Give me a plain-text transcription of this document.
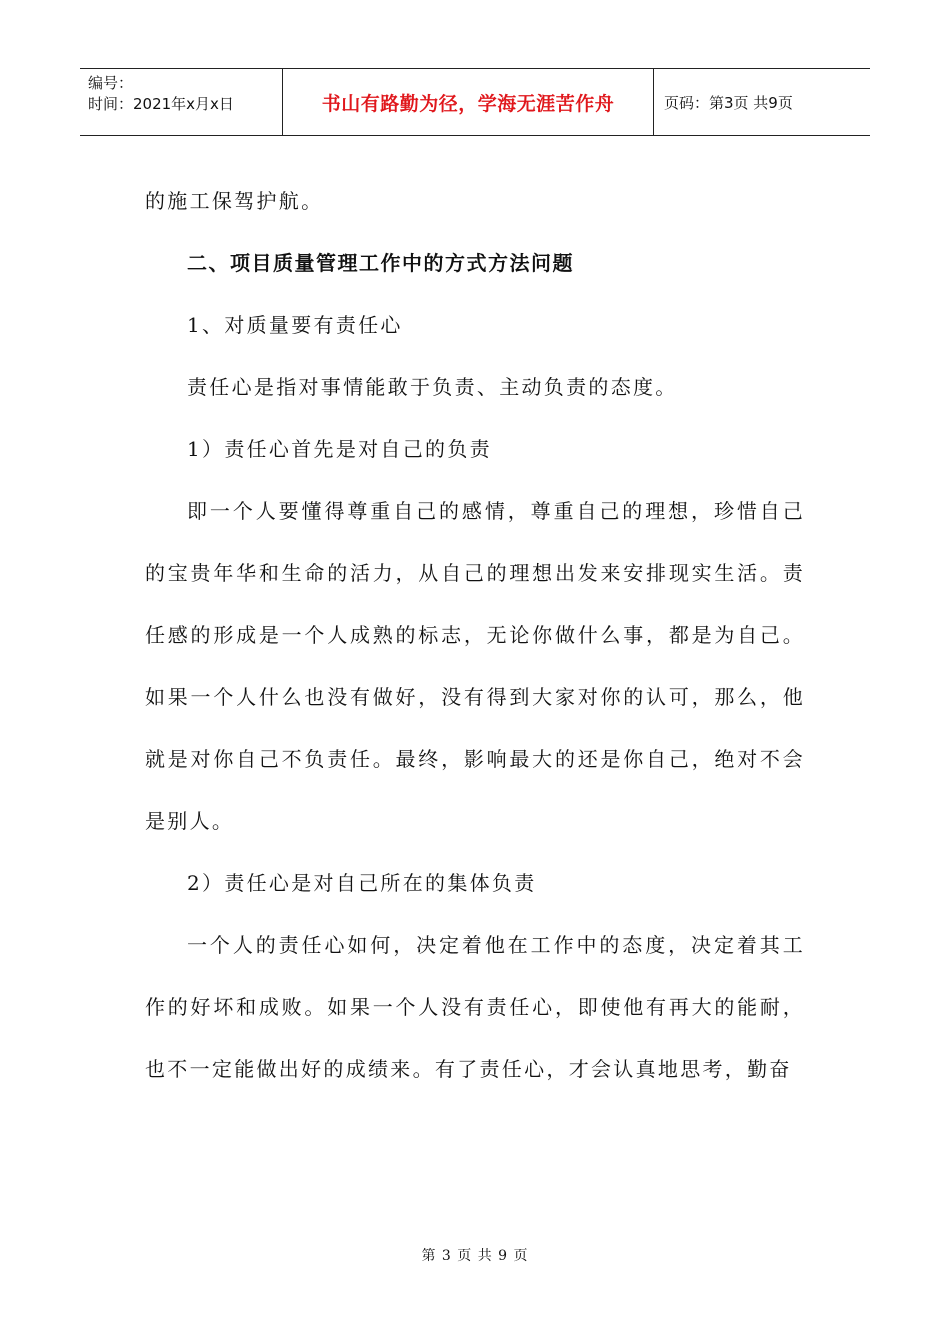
编号：
时间：2021年x月x日	书山有路勤为径，学海无涯苦作舟	页码：第3页 共9页

的施工保驾护航。

二、项目质量管理工作中的方式方法问题

1、对质量要有责任心

责任心是指对事情能敢于负责、主动负责的态度。

1）责任心首先是对自己的负责

即一个人要懂得尊重自己的感情，尊重自己的理想，珍惜自己的宝贵年华和生命的活力，从自己的理想出发来安排现实生活。责任感的形成是一个人成熟的标志，无论你做什么事，都是为自己。如果一个人什么也没有做好，没有得到大家对你的认可，那么，他就是对你自己不负责任。最终，影响最大的还是你自己，绝对不会是别人。

2）责任心是对自己所在的集体负责

一个人的责任心如何，决定着他在工作中的态度，决定着其工作的好坏和成败。如果一个人没有责任心，即使他有再大的能耐，也不一定能做出好的成绩来。有了责任心，才会认真地思考，勤奋

第 3 页 共 9 页
